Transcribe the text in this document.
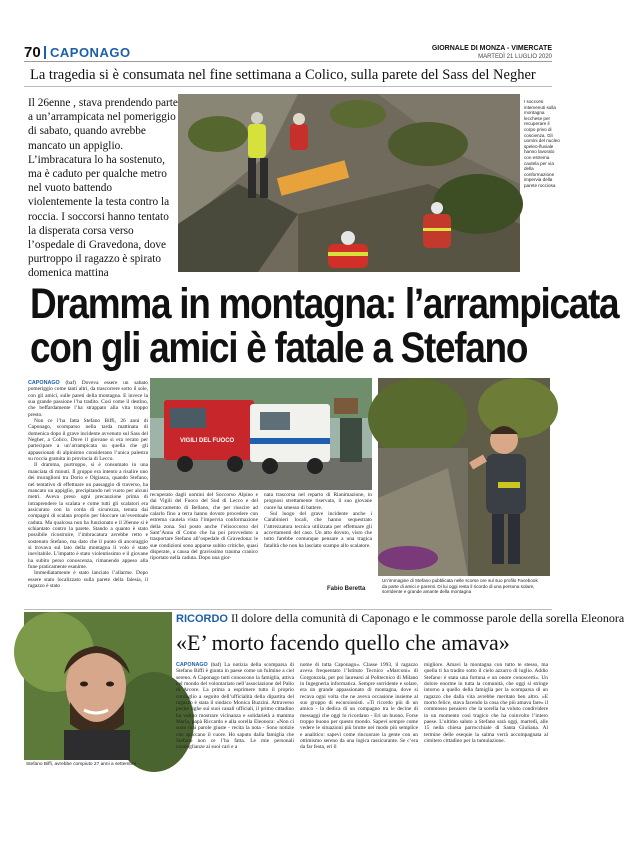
70 CAPONAGO	GIORNALE DI MONZA - VIMERCATE
MARTEDÌ 21 LUGLIO 2020
La tragedia si è consumata nel fine settimana a Colico, sulla parete del Sass del Negher
Il 26enne , stava prendendo parte a un’arrampicata nel pomeriggio di sabato, quando avrebbe mancato un appiglio. L’imbracatura lo ha sostenuto, ma è caduto per qualche metro nel vuoto battendo violentemente la testa contro la roccia. I soccorsi hanno tentato la disperata corsa verso l’ospedale di Gravedona, dove purtroppo il ragazzo è spirato domenica mattina
I soccorsi intervenuti sulla montagna lecchese per recuperare il corpo privo di coscienza. Gli uomini del nucleo speleo-fluviale hanno lavorato con estrema cautela per via della conformazione impervia della parete rocciosa
Dramma in montagna: l’arrampicata
con gli amici è fatale a Stefano
CAPONAGO (baf) Doveva essere un sabato pomeriggio come tanti altri, da trascorrere sotto il sole, con gli amici, sulle pareti della montagna. E invece la sua grande passione l’ha tradito. Così come il destino, che beffardamente l’ha strappato alla vita troppo presto.

Non ce l’ha fatta Stefano Biffi, 26 anni di Caponago, scomparso nella tarda mattinata di domenica dopo il grave incidente avvenuto sul Sass del Negher, a Colico. Dove il giovane si era recato per partecipare a un’arrampicata su quella che gli appassionati di alpinismo considerano l’unica palestra su roccia gratuita in provincia di Lecco.

Il dramma, purtroppo, si è consumato in una manciata di minuti. Il gruppo era intento a risalire uno dei muraglioni tra Dorio e Olgiasca, quando Stefano, nel tentativo di effettuare un passaggio di traverso, ha mancato un appiglio, precipitando nel vuoto per alcuni metri. Aveva preso ogni precauzione prima di intraprendere la scalata e come tutti gli scalatori era assicurato con la corda di sicurezza, tenuta dai compagni di scalata proprio per bloccare un’eventuale caduta. Ma qualcosa non ha funzionato e il 26enne si è schiantato contro la parete. Stando a quanto è stato possibile ricostruire, l’imbracatura avrebbe retto e sostenuto Stefano, ma dato che il punto di ancoraggio si trovava sul lato della montagna il volo è stato inevitabile. L’impatto è stato violentissimo e il giovane ha subito perso conoscenza, rimanendo appeso alla fune praticamente esanime.

Immediatamente è stato lanciato l’allarme. Dopo essere stato localizzato sulla parete della falesia, il ragazzo è stato

VIGILI DEL FUOCO
recuperato dagli uomini del Soccorso Alpino e dai Vigili del Fuoco del Sud di Lecco e del distaccamento di Bellano, che per riuscire ad calarlo fino a terra hanno dovuto procedere con estrema cautela vista l’impervia conformazione della zona. Sul posto anche l’elisoccorso del Sant’Anna di Como che ha poi provveduto a trasportare Stefano all’ospedale di Gravedona: le sue condizioni sono apparse subito critiche, quasi disperate, a causa del gravissimo trauma cranico riportato nella caduta. Dopo una gior-
nata trascorsa nel reparto di Rianimazione, in prognosi strettamente riservata, il suo giovane cuore ha smesso di battere.

Sul luogo del grave incidente anche i Carabinieri locali, che hanno sequestrato l’attrezzatura tecnica utilizzata per effettuare gli accertamenti del caso. Un atto dovuto, visto che tutto farebbe comunque pensare a una tragica fatalità che non ha lasciato scampo allo scalatore.

Fabio Beretta
Un’immagine di Stefano pubblicata nelle scorse ore sul suo profilo Facebook da parte di amici e parenti. Di lui oggi resta il ricordo di una persona solare, sorridente e grande amante della montagna
RICORDO Il dolore della comunità di Caponago e le commosse parole della sorella Eleonora
«E’ morto facendo quello che amava»
Stefano Biffi, avrebbe compiuto 27 anni a settembre
CAPONAGO (baf) La notizia della scomparsa di Stefano Biffi è giunta in paese come un fulmine a ciel sereno. A Caponago tutti conoscono la famiglia, attiva nel mondo del volontariato nell’associazione del Palio di Arcore. La prima a esprimere tutto il proprio cordoglio a seguito dell’ufficialità della dipartita del ragazzo è stata il sindaco Monica Buzzini. Attraverso poche righe sui suoi canali ufficiali, il primo cittadino ha voluto mostrare vicinanza e solidarietà a mamma Maria, papà Riccardo e alla sorella Eleonora: «Non ci sono mai parole giuste - recita la nota - Sono notizie che spaccano il cuore. Ho saputo dalla famiglia che Stefano non ce l’ha fatta. Le mie personali condoglianze ai suoi cari e a
nome di tutta Caponago». Classe 1993, il ragazzo aveva frequentato l’Istituto Tecnico «Marconi» di Gorgonzola, per poi laurearsi al Politecnico di Milano in Ingegneria informatica. Sempre sorridente e solare, era un grande appassionato di montagna, dove si recava ogni volta che ne aveva occasione insieme al suo gruppo di escursionisti. «Ti ricordo più di un amico - la dedica di un compagno tra le decine di messaggi che oggi lo ricordano - Eri un buono. Forse troppo buono per questo mondo. Sapevi sempre come vedere le situazioni più brutte nel modo più semplice e analitico: sapevi come rincuorare la gente con un ottimismo sereno da una logica rassicurante. Se c’era da far festa, eri il
migliore. Amavi la montagna con tutto te stesso, ma quella ti ha tradito sotto il cielo azzurro di luglio. Addio Stefano: è stata una fortuna e un onore conoscerti». Un dolore enorme in tutta la comunità, che oggi si stringe intorno a quello della famiglia per la scomparsa di un ragazzo che dalla vita avrebbe meritato ben altro. «E morto felice, stava facendo la cosa che più amava fare» il commosso pensiero che la sorella ha voluto condividere in un momento così tragico che ha coinvolto l’intero paese. L’ultimo saluto a Stefano sarà oggi, martedì, alle 15 nella chiesa parrocchiale di Santa Giuliana. Al termine delle esequie la salma verrà accompagnata al cimitero cittadino per la tumulazione.
